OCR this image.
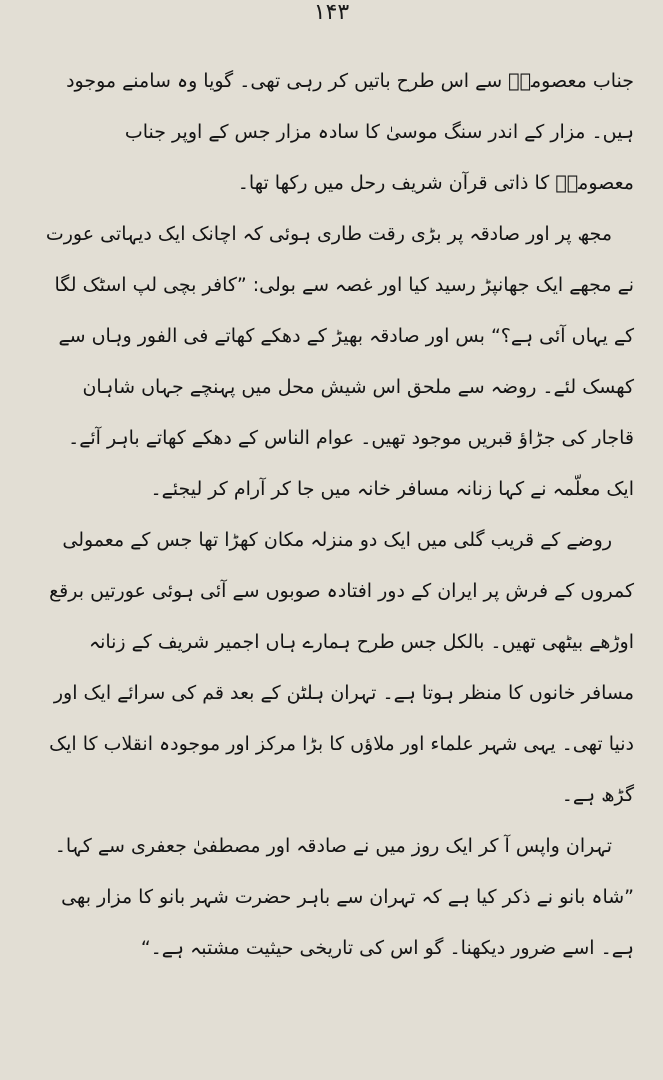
۱۴۳

جناب معصومہؑ سے اس طرح باتیں کر رہی تھی۔ گویا وہ سامنے موجود ہیں۔ مزار کے اندر سنگ موسیٰ کا سادہ مزار جس کے اوپر جناب معصومہؑ کا ذاتی قرآن شریف رحل میں رکھا تھا۔

مجھ پر اور صادقہ پر بڑی رقت طاری ہوئی کہ اچانک ایک دیہاتی عورت نے مجھے ایک جھانپڑ رسید کیا اور غصہ سے بولی: ”کافر بچی لپ اسٹک لگا کے یہاں آئی ہے؟“ بس اور صادقہ بھیڑ کے دھکے کھاتے فی الفور وہاں سے کھسک لئے۔ روضہ سے ملحق اس شیش محل میں پہنچے جہاں شاہان قاجار کی جڑاؤ قبریں موجود تھیں۔ عوام الناس کے دھکے کھاتے باہر آئے۔ ایک معلّمہ نے کہا زنانہ مسافر خانہ میں جا کر آرام کر لیجئے۔

روضے کے قریب گلی میں ایک دو منزلہ مکان کھڑا تھا جس کے معمولی کمروں کے فرش پر ایران کے دور افتادہ صوبوں سے آئی ہوئی عورتیں برقع اوڑھے بیٹھی تھیں۔ بالکل جس طرح ہمارے ہاں اجمیر شریف کے زنانہ مسافر خانوں کا منظر ہوتا ہے۔ تہران ہلٹن کے بعد قم کی سرائے ایک اور دنیا تھی۔ یہی شہر علماء اور ملاؤں کا بڑا مرکز اور موجودہ انقلاب کا ایک گڑھ ہے۔

تہران واپس آ کر ایک روز میں نے صادقہ اور مصطفیٰ جعفری سے کہا۔ ”شاہ بانو نے ذکر کیا ہے کہ تہران سے باہر حضرت شہر بانو کا مزار بھی ہے۔ اسے ضرور دیکھنا۔ گو اس کی تاریخی حیثیت مشتبہ ہے۔“
